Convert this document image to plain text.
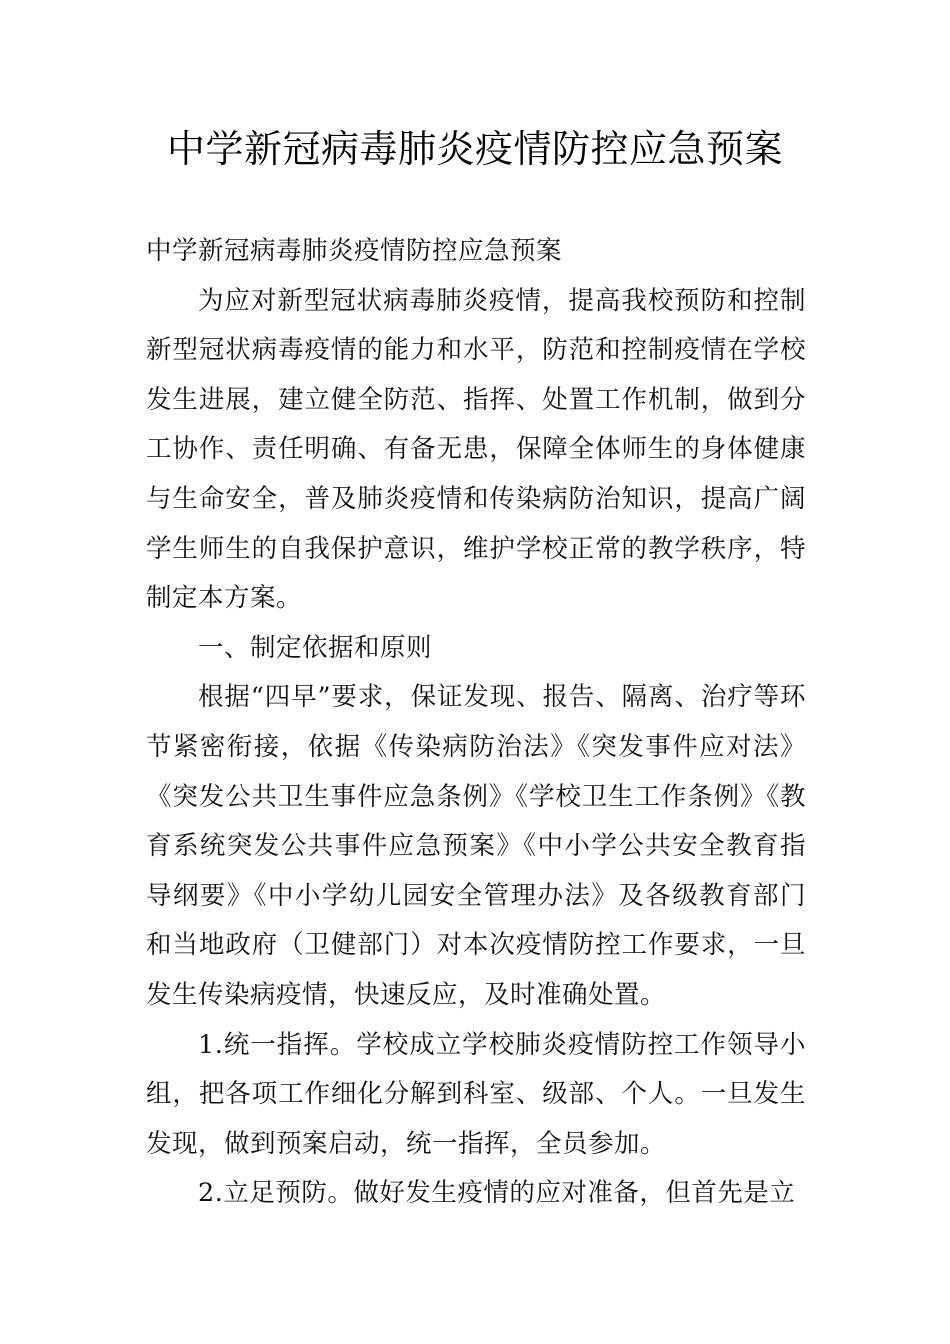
中学新冠病毒肺炎疫情防控应急预案

中学新冠病毒肺炎疫情防控应急预案

为应对新型冠状病毒肺炎疫情，提高我校预防和控制新型冠状病毒疫情的能力和水平，防范和控制疫情在学校发生进展，建立健全防范、指挥、处置工作机制，做到分工协作、责任明确、有备无患，保障全体师生的身体健康与生命安全，普及肺炎疫情和传染病防治知识，提高广阔学生师生的自我保护意识，维护学校正常的教学秩序，特制定本方案。

一、制定依据和原则

根据“四早”要求，保证发现、报告、隔离、治疗等环节紧密衔接，依据《传染病防治法》《突发事件应对法》《突发公共卫生事件应急条例》《学校卫生工作条例》《教育系统突发公共事件应急预案》《中小学公共安全教育指导纲要》《中小学幼儿园安全管理办法》及各级教育部门和当地政府（卫健部门）对本次疫情防控工作要求，一旦发生传染病疫情，快速反应，及时准确处置。

1.统一指挥。学校成立学校肺炎疫情防控工作领导小组，把各项工作细化分解到科室、级部、个人。一旦发生发现，做到预案启动，统一指挥，全员参加。

2.立足预防。做好发生疫情的应对准备，但首先是立
